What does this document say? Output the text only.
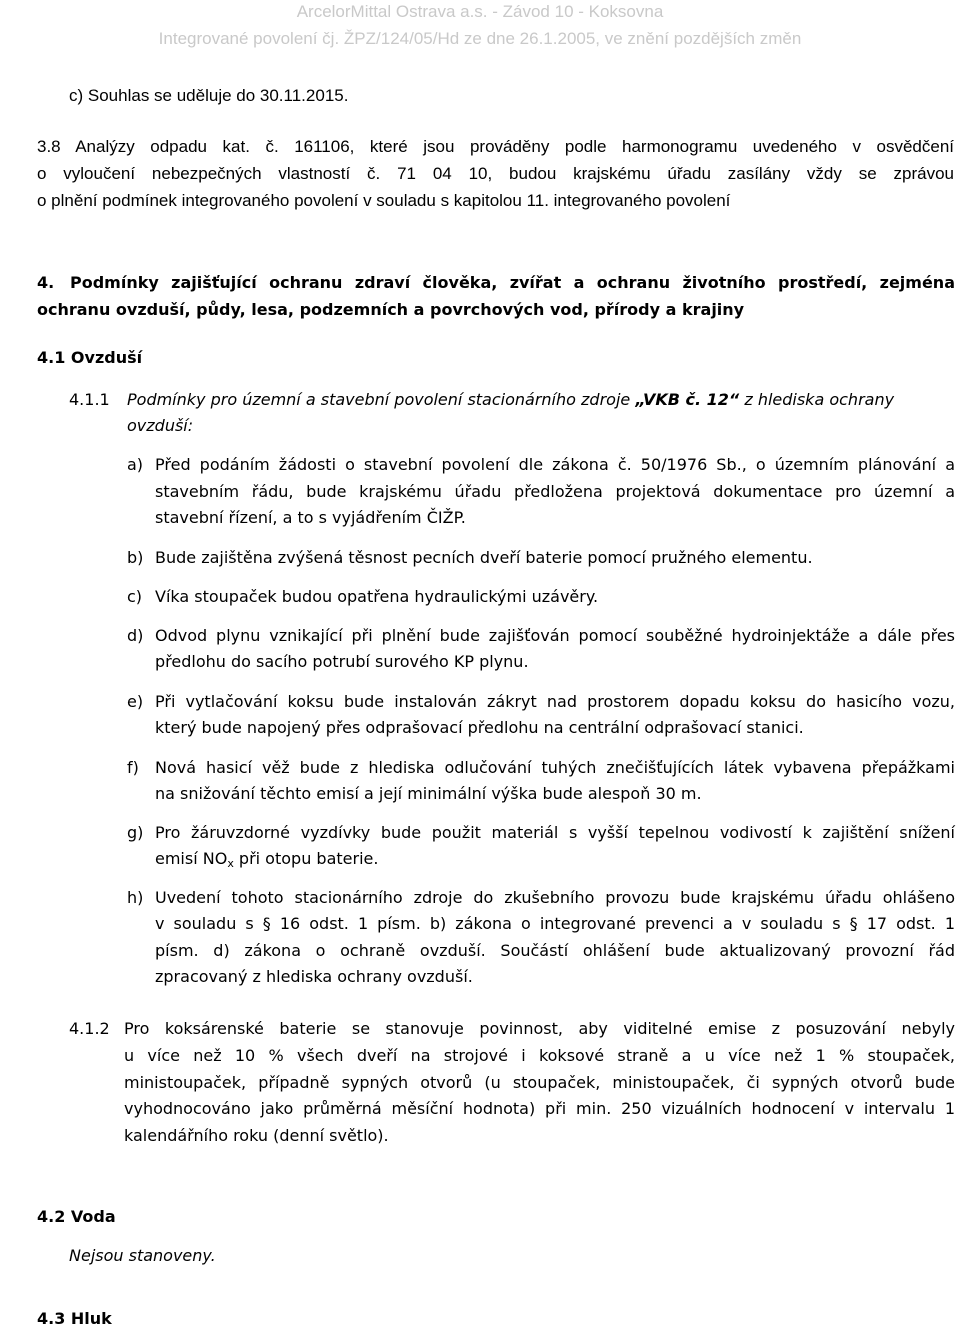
ArcelorMittal Ostrava a.s. - Závod 10 - Koksovna
Integrované povolení čj. ŽPZ/124/05/Hd ze dne 26.1.2005, ve znění pozdějších změn
c) Souhlas se uděluje do 30.11.2015.
3.8 Analýzy odpadu kat. č. 161106, které jsou prováděny podle harmonogramu uvedeného v osvědčení
o vyloučení nebezpečných vlastností č. 71 04 10, budou krajskému úřadu zasílány vždy se zprávou
o plnění podmínek integrovaného povolení v souladu s kapitolou 11. integrovaného povolení
4. Podmínky zajišťující ochranu zdraví člověka, zvířat a ochranu životního prostředí, zejména
ochranu ovzduší, půdy, lesa, podzemních a povrchových vod, přírody a krajiny
4.1 Ovzduší
4.1.1 Podmínky pro územní a stavební povolení stacionárního zdroje „VKB č. 12“ z hlediska ochrany
ovzduší:
a) Před podáním žádosti o stavební povolení dle zákona č. 50/1976 Sb., o územním plánování a
stavebním řádu, bude krajskému úřadu předložena projektová dokumentace pro územní a
stavební řízení, a to s vyjádřením ČIŽP.
b) Bude zajištěna zvýšená těsnost pecních dveří baterie pomocí pružného elementu.
c) Víka stoupaček budou opatřena hydraulickými uzávěry.
d) Odvod plynu vznikající při plnění bude zajišťován pomocí souběžné hydroinjektáže a dále přes
předlohu do sacího potrubí surového KP plynu.
e) Při vytlačování koksu bude instalován zákryt nad prostorem dopadu koksu do hasicího vozu,
který bude napojený přes odprašovací předlohu na centrální odprašovací stanici.
f) Nová hasicí věž bude z hlediska odlučování tuhých znečišťujících látek vybavena přepážkami
na snižování těchto emisí a její minimální výška bude alespoň 30 m.
g) Pro žáruvzdorné vyzdívky bude použit materiál s vyšší tepelnou vodivostí k zajištění snížení
emisí $NO_x$ při otopu baterie.
h) Uvedení tohoto stacionárního zdroje do zkušebního provozu bude krajskému úřadu ohlášeno
v souladu s § 16 odst. 1 písm. b) zákona o integrované prevenci a v souladu s § 17 odst. 1
písm. d) zákona o ochraně ovzduší. Součástí ohlášení bude aktualizovaný provozní řád
zpracovaný z hlediska ochrany ovzduší.
4.1.2 Pro koksárenské baterie se stanovuje povinnost, aby viditelné emise z posuzování nebyly
u více než 10 % všech dveří na strojové i koksové straně a u více než 1 % stoupaček,
ministoupaček, případně sypných otvorů (u stoupaček, ministoupaček, či sypných otvorů bude
vyhodnocováno jako průměrná měsíční hodnota) při min. 250 vizuálních hodnocení v intervalu 1
kalendářního roku (denní světlo).
4.2 Voda
Nejsou stanoveny.
4.3 Hluk
